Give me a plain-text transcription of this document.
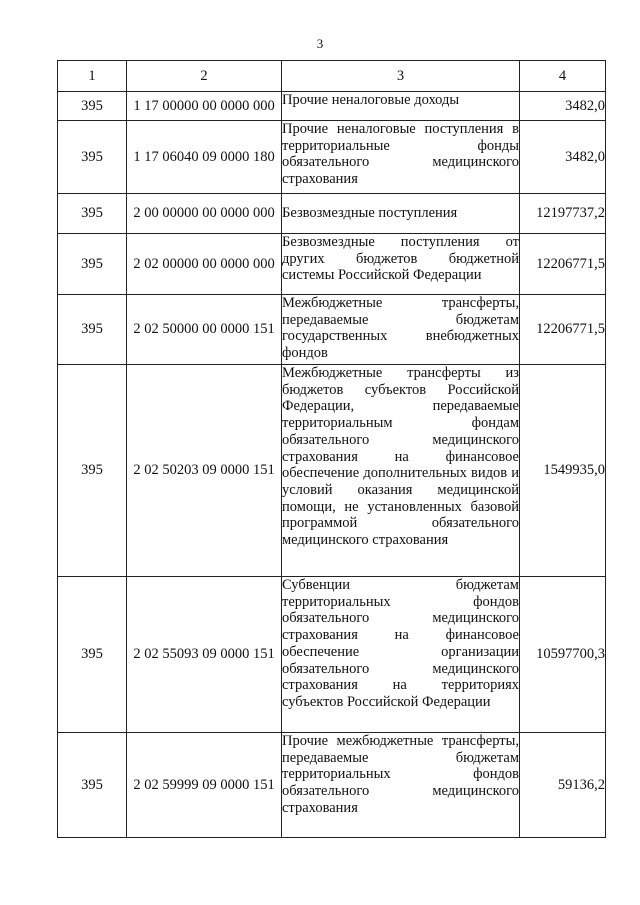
3
1	2	3	4
395	1 17 00000 00 0000 000	Прочие неналоговые доходы	3482,0
395	1 17 06040 09 0000 180	Прочие неналоговые поступления в территориальные фонды обязательного медицинского страхования	3482,0
395	2 00 00000 00 0000 000	Безвозмездные поступления	12197737,2
395	2 02 00000 00 0000 000	Безвозмездные поступления от других бюджетов бюджетной системы Российской Федерации	12206771,5
395	2 02 50000 00 0000 151	Межбюджетные трансферты, передаваемые бюджетам государственных внебюджетных фондов	12206771,5
395	2 02 50203 09 0000 151	Межбюджетные трансферты из бюджетов субъектов Российской Федерации, передаваемые территориальным фондам обязательного медицинского страхования на финансовое обеспечение дополнительных видов и условий оказания медицинской помощи, не установленных базовой программой обязательного медицинского страхования	1549935,0
395	2 02 55093 09 0000 151	Субвенции бюджетам территориальных фондов обязательного медицинского страхования на финансовое обеспечение организации обязательного медицинского страхования на территориях субъектов Российской Федерации	10597700,3
395	2 02 59999 09 0000 151	Прочие межбюджетные трансферты, передаваемые бюджетам территориальных фондов обязательного медицинского страхования	59136,2
